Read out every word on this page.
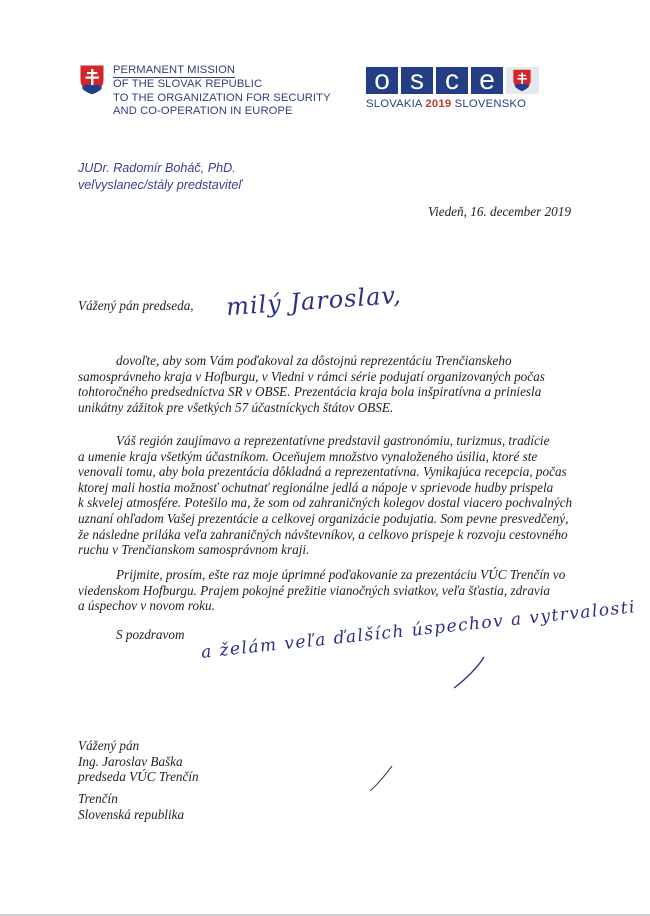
PERMANENT MISSION
OF THE SLOVAK REPUBLIC
TO THE ORGANIZATION FOR SECURITY
AND CO-OPERATION IN EUROPE
o s c e
SLOVAKIA 2019 SLOVENSKO
JUDr. Radomír Boháč, PhD.
veľvyslanec/stály predstaviteľ
Viedeň, 16. december 2019
Vážený pán predseda, milý Jaroslav,
dovoľte, aby som Vám poďakoval za dôstojnú reprezentáciu Trenčianskeho
samosprávneho kraja v Hofburgu, v Viedni v rámci série podujatí organizovaných počas
tohtoročného predsedníctva SR v OBSE. Prezentácia kraja bola inšpiratívna a priniesla
unikátny zážitok pre všetkých 57 účastníckych štátov OBSE.
Váš región zaujímavo a reprezentatívne predstavil gastronómiu, turizmus, tradície
a umenie kraja všetkým účastníkom. Oceňujem množstvo vynaloženého úsilia, ktoré ste
venovali tomu, aby bola prezentácia dôkladná a reprezentatívna. Vynikajúca recepcia, počas
ktorej mali hostia možnosť ochutnať regionálne jedlá a nápoje v sprievode hudby prispela
k skvelej atmosfére. Potešilo ma, že som od zahraničných kolegov dostal viacero pochvalných
uznaní ohľadom Vašej prezentácie a celkovej organizácie podujatia. Som pevne presvedčený,
že následne priláka veľa zahraničných návštevníkov, a celkovo prispeje k rozvoju cestovného
ruchu v Trenčianskom samosprávnom kraji.
Prijmite, prosím, ešte raz moje úprimné poďakovanie za prezentáciu VÚC Trenčín vo
viedenskom Hofburgu. Prajem pokojné prežitie vianočných sviatkov, veľa šťastia, zdravia
a úspechov v novom roku.
S pozdravom a želám veľa ďalších úspechov a vytrvalosti
Vážený pán
Ing. Jaroslav Baška
predseda VÚC Trenčín
Trenčín
Slovenská republika
